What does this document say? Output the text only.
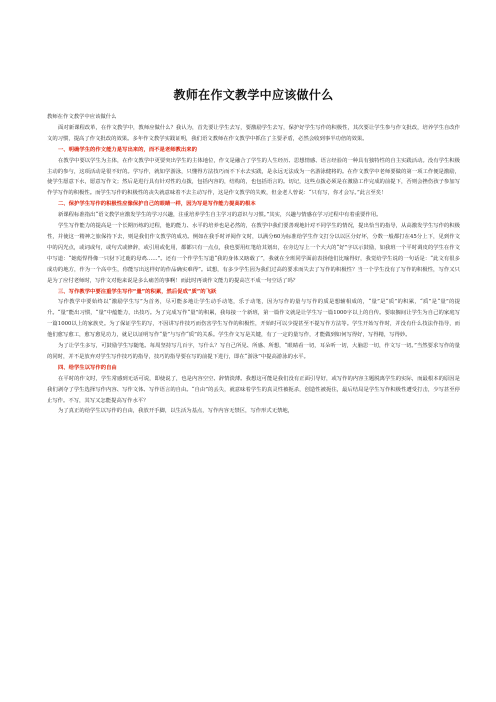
教师在作文教学中应该做什么

教师在作文教学中应该做什么

面对新课程改革，在作文教学中，教师应做什么？我认为，首先要让学生去写，要激励学生去写，保护好学生写作的积极性，其次要让学生参与作文批改，培养学生自改作文的习惯，提高了作文批改的效果。多年作文教学实践证明，我们语文教师在作文教学中抓住了主要矛盾，必然会收到事半功倍的效果。

一、明确学生的作文能力是写出来的，而不是老师教出来的

在教学中要以学生为主体，在作文教学中更要突出学生的主体地位，作文是融合了学生的人生经历、思想情感、语言经验的一种具有独特性的自主实践活动。没有学生积极主动的参与，这项活动是很不好的。学写作，就如学游泳，只懂得方法技巧而不下水去实践，是永远无法成为一名游泳健将的。在作文教学中老师要做的第一项工作便是激励，使学生愿意下水，愿意写作文；然后是进行具有针对性的点拨，包括内容的，结构的，也包括语言的。切记，这些点拨必须是在激励工作完成的前提下，否则会挫伤孩子参加写作学写作的积极性。而学生写作的积极性的丧失就意味着不去主动写作，这是作文教学的失败，但金老人曾说：“只有写，你才会写。”此言至矣！

二、保护学生写作的积极性应像保护自己的眼睛一样，因为写是写作能力提高的根本

新课程标准指出“语文教学应激发学生的学习兴趣，注重培养学生自主学习的意识与习惯。”其实，兴趣与情感在学习过程中有着重要作用。

学生写作能力的提高是一个长期历练的过程，他的能力、水平的培养也是必然的，在教学中我们要善观地针对不同学生的情况，提出恰当的指导，从高激发学生写作的积极性，并使这一精神之旅保持下去，则是我们作文教学的成功。例如在我手时评阅作文时，以满分60为标准给学生作文打分以以区分好坏，分数一般都打在45分上下，见到作文中的闪光点，或词或句，或句式或修辞，或引用或化用，都都只有一点点，我也要用红笔给其划出，在旁边写上一个大大的“好”字以示鼓励，如我班一个平时调皮的学生在作文中写道：“她彪悍得像一只豺下过鹿的母鸡……”。还有一个作学生写道“我的身体又瞎载了”，我就在全班同学面前表扬他们比喻得好，我觉给学生说的一句话是：“此文有很多成功的地方，作为一个高中生，你能写出这样好的作品确实难得”。试想，有多少学生因为我们过高的要求而失去了写作的积极性？当一个学生没有了写作的积极性，写作又只是为了应付老师时，写作文对他来说是多么痛苦的事啊！而此时再谈作文能力的提高岂不成一句空话了吗？

三、写作教学中要注重学生写作“量”的积累，然后促成“质”的飞跃

写作教学中要始终以“激励学生写”为首务，尽可能多地让学生动手动笔，乐于动笔，因为写作的量与写作的质是想辅相成的，“量”是“质”的积累，“质”是“量”的提升。“量”能出习惯，“量”中蕴能力，出技巧。为了完成写作“量”的积累，我每接一个新班，第一篇作文就是让学生写一篇1000字以上的自传。要取搁间让学生为自己的家庭写一篇1000以上的家族史。为了保证学生的写，不因讲写作技巧而伤害学生写作的积极性，开始时可以少提甚至不提写作方法等。学生开始写作时，并没有什么技法作指导，而他们愈写愈工，愈写愈见功力，就足以证明写作“量”与写作“质”的关系。学生作文写是关键，有了一定的量写作，才能做到如何写得好，写得精，写得妙。

为了让学生多写，可鼓励学生写随笔。每周坚持写几百字，写什么？写自己所见、所感、所想，“眼睛看一切，耳朵听一切，大脑思一切，作文写一切。”当然要求写作的量的同时，并不是放弃对学生写作技巧的指导，技巧的指导要在写的前提下进行，即在“游泳”中提高游泳的水平。

四、给学生以写作的自由

在平时的作文时，学生常感到无话可说，即使说了，也是内容空空、辞情淡薄。我想这可能是我们没有正面引导好，或写作的内容主题脱离学生的实际，而最根本的原因是我们剥夺了学生选择写作内容、写作文体、写作语言的自由。“自由”的丢失，就意味着学生的真灵性被扼杀，创造性被扼住，最后结局是学生写作积极性遭受打击，少写甚至停止写作。不写，其写又怎能提高写作水平？

为了真正的给学生以写作的自由，我放开手脚，以生活为基点，写作内容无禁区，写作形式无禁地，
